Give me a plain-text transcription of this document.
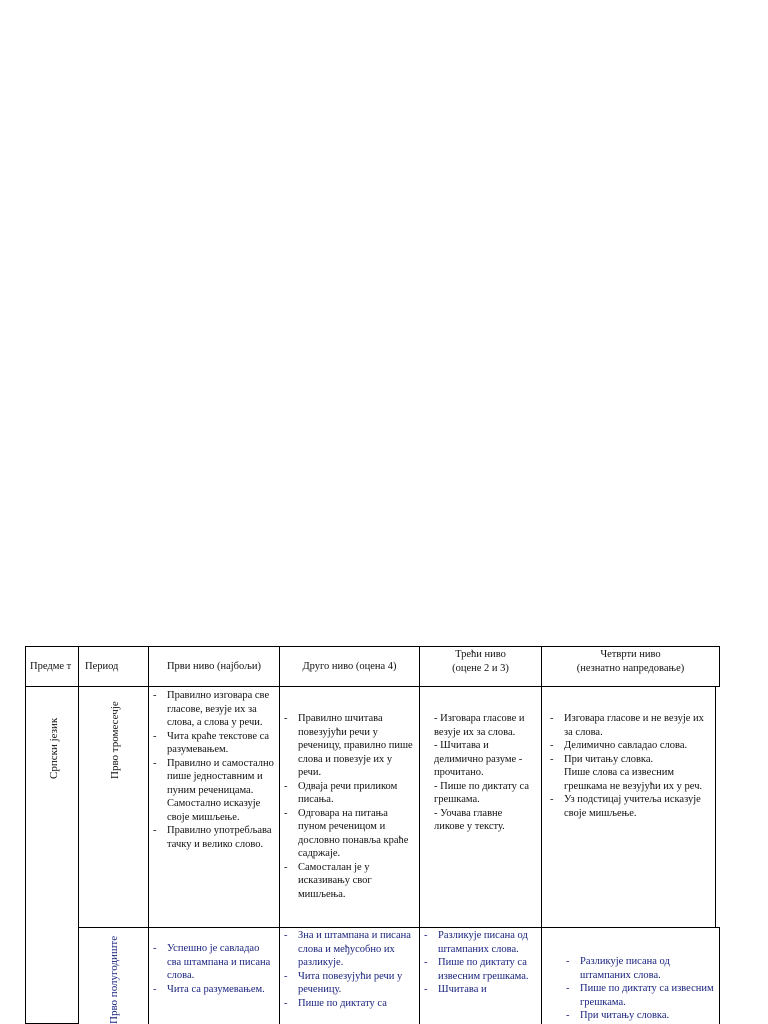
Предме т	Период	Први ниво (најбољи)	Друго ниво (оцена 4)
Трећи ниво
(оцене 2 и 3)
Четврти ниво
(незнатно напредовање)
Српски језик	Прво тромесечје
- Правилно изговара све гласове, везује их за слова, а слова у речи.
- Чита краће текстове са разумевањем.
- Правилно и самостално пише једноставним и пуним реченицама. Самостално исказује своје мишљење.
- Правилно употребљава тачку и велико слово.
- Правилно шчитава повезујући речи у реченицу, правилно пише слова и повезује их у речи.
- Одваја речи приликом писања.
- Одговара на питања пуном реченицом и дословно понавља краће садржаје.
- Самосталан је у исказивању свог мишљења.
- Изговара гласове и везује их за слова.
- Шчитава и делимично разуме - прочитано.
- Пише по диктату са грешкама.
- Уочава главне ликове у тексту.
- Изговара гласове и не везује их за слова.
- Делимично савладао слова.
- При читању словка.
Пише слова са извесним грешкама не везујући их у реч.
- Уз подстицај учитеља исказује своје мишљење.
Прво полугодиште
-	Успешно је савладао сва штампана и писана слова.
- Чита са разумевањем.
- Зна и штампана и писана слова и међусобно их разликује.
- Чита повезујући речи у реченицу.
- Пише по диктату са
- Разликује писана од штампаних слова.
- Пише по диктату са извесним грешкама.
- Шчитава и
- Разликује писана од штампаних слова.
- Пише по диктату са извесним грешкама.
- При читању словка.
